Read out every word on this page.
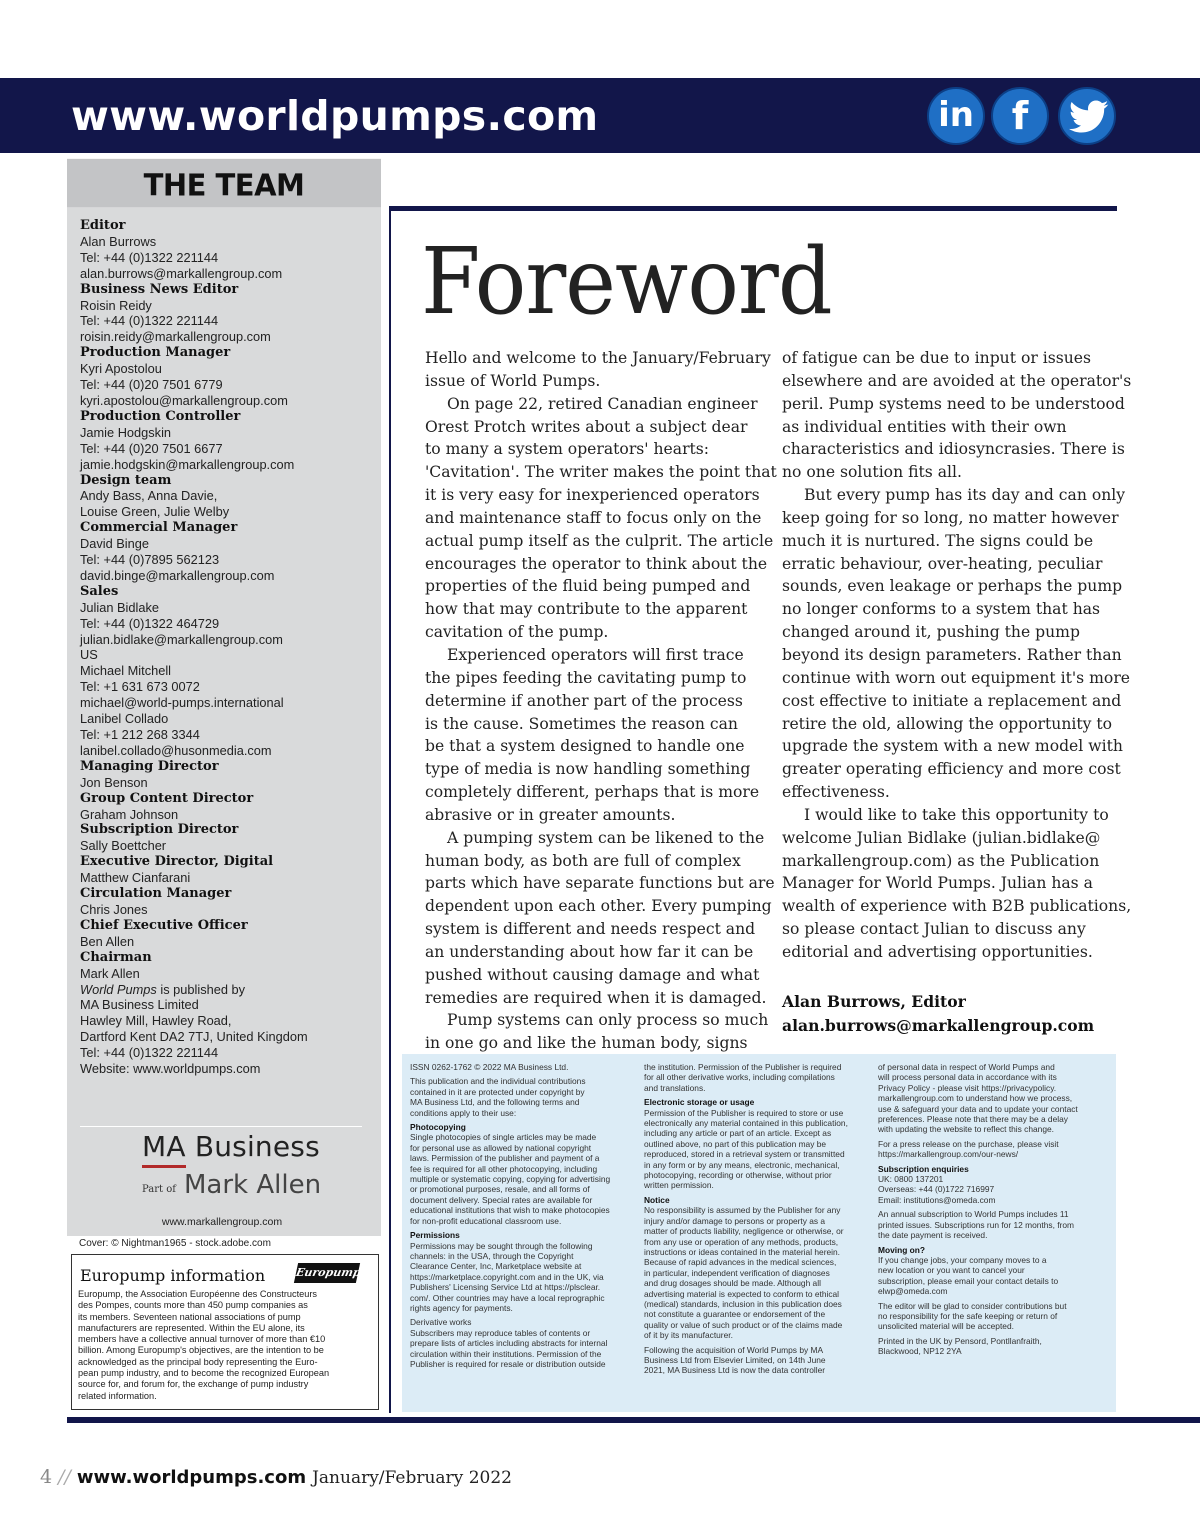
www.worldpumps.com	in f
THE TEAM
Editor
Alan Burrows
Tel: +44 (0)1322 221144
alan.burrows@markallengroup.com
Business News Editor
Roisin Reidy
Tel: +44 (0)1322 221144
roisin.reidy@markallengroup.com
Production Manager
Kyri Apostolou
Tel: +44 (0)20 7501 6779
kyri.apostolou@markallengroup.com
Production Controller
Jamie Hodgskin
Tel: +44 (0)20 7501 6677
jamie.hodgskin@markallengroup.com
Design team
Andy Bass, Anna Davie,
Louise Green, Julie Welby
Commercial Manager
David Binge
Tel: +44 (0)7895 562123
david.binge@markallengroup.com
Sales
Julian Bidlake
Tel: +44 (0)1322 464729
julian.bidlake@markallengroup.com
US
Michael Mitchell
Tel: +1 631 673 0072
michael@world-pumps.international
Lanibel Collado
Tel: +1 212 268 3344
lanibel.collado@husonmedia.com
Managing Director
Jon Benson
Group Content Director
Graham Johnson
Subscription Director
Sally Boettcher
Executive Director, Digital
Matthew Cianfarani
Circulation Manager
Chris Jones
Chief Executive Officer
Ben Allen
Chairman
Mark Allen
World Pumps is published by
MA Business Limited
Hawley Mill, Hawley Road,
Dartford Kent DA2 7TJ, United Kingdom
Tel: +44 (0)1322 221144
Website: www.worldpumps.com
MA Business
Part of Mark Allen
www.markallengroup.com
Cover: © Nightman1965 - stock.adobe.com
Europump information	Europump
Europump, the Association Européenne des Constructeurs
des Pompes, counts more than 450 pump companies as
its members. Seventeen national associations of pump
manufacturers are represented. Within the EU alone, its
members have a collective annual turnover of more than €10
billion. Among Europump's objectives, are the intention to be
acknowledged as the principal body representing the Euro-
pean pump industry, and to become the recognized European
source for, and forum for, the exchange of pump industry
related information.
Foreword
Hello and welcome to the January/February
issue of World Pumps.
On page 22, retired Canadian engineer
Orest Protch writes about a subject dear
to many a system operators' hearts:
'Cavitation'. The writer makes the point that
it is very easy for inexperienced operators
and maintenance staff to focus only on the
actual pump itself as the culprit. The article
encourages the operator to think about the
properties of the fluid being pumped and
how that may contribute to the apparent
cavitation of the pump.
Experienced operators will first trace
the pipes feeding the cavitating pump to
determine if another part of the process
is the cause. Sometimes the reason can
be that a system designed to handle one
type of media is now handling something
completely different, perhaps that is more
abrasive or in greater amounts.
A pumping system can be likened to the
human body, as both are full of complex
parts which have separate functions but are
dependent upon each other. Every pumping
system is different and needs respect and
an understanding about how far it can be
pushed without causing damage and what
remedies are required when it is damaged.
Pump systems can only process so much
in one go and like the human body, signs
of fatigue can be due to input or issues
elsewhere and are avoided at the operator's
peril. Pump systems need to be understood
as individual entities with their own
characteristics and idiosyncrasies. There is
no one solution fits all.
But every pump has its day and can only
keep going for so long, no matter however
much it is nurtured. The signs could be
erratic behaviour, over-heating, peculiar
sounds, even leakage or perhaps the pump
no longer conforms to a system that has
changed around it, pushing the pump
beyond its design parameters. Rather than
continue with worn out equipment it's more
cost effective to initiate a replacement and
retire the old, allowing the opportunity to
upgrade the system with a new model with
greater operating efficiency and more cost
effectiveness.
I would like to take this opportunity to
welcome Julian Bidlake (julian.bidlake@
markallengroup.com) as the Publication
Manager for World Pumps. Julian has a
wealth of experience with B2B publications,
so please contact Julian to discuss any
editorial and advertising opportunities.
Alan Burrows, Editor
alan.burrows@markallengroup.com
ISSN 0262-1762 © 2022 MA Business Ltd.
This publication and the individual contributions
contained in it are protected under copyright by
MA Business Ltd, and the following terms and
conditions apply to their use:
Photocopying
Single photocopies of single articles may be made
for personal use as allowed by national copyright
laws. Permission of the publisher and payment of a
fee is required for all other photocopying, including
multiple or systematic copying, copying for advertising
or promotional purposes, resale, and all forms of
document delivery. Special rates are available for
educational institutions that wish to make photocopies
for non-profit educational classroom use.
Permissions
Permissions may be sought through the following
channels: in the USA, through the Copyright
Clearance Center, Inc, Marketplace website at
https://marketplace.copyright.com and in the UK, via
Publishers' Licensing Service Ltd at https://plsclear.
com/. Other countries may have a local reprographic
rights agency for payments.
Derivative works
Subscribers may reproduce tables of contents or
prepare lists of articles including abstracts for internal
circulation within their institutions. Permission of the
Publisher is required for resale or distribution outside
the institution. Permission of the Publisher is required
for all other derivative works, including compilations
and translations.
Electronic storage or usage
Permission of the Publisher is required to store or use
electronically any material contained in this publication,
including any article or part of an article. Except as
outlined above, no part of this publication may be
reproduced, stored in a retrieval system or transmitted
in any form or by any means, electronic, mechanical,
photocopying, recording or otherwise, without prior
written permission.
Notice
No responsibility is assumed by the Publisher for any
injury and/or damage to persons or property as a
matter of products liability, negligence or otherwise, or
from any use or operation of any methods, products,
instructions or ideas contained in the material herein.
Because of rapid advances in the medical sciences,
in particular, independent verification of diagnoses
and drug dosages should be made. Although all
advertising material is expected to conform to ethical
(medical) standards, inclusion in this publication does
not constitute a guarantee or endorsement of the
quality or value of such product or of the claims made
of it by its manufacturer.
Following the acquisition of World Pumps by MA
Business Ltd from Elsevier Limited, on 14th June
2021, MA Business Ltd is now the data controller
of personal data in respect of World Pumps and
will process personal data in accordance with its
Privacy Policy - please visit https://privacypolicy.
markallengroup.com to understand how we process,
use & safeguard your data and to update your contact
preferences. Please note that there may be a delay
with updating the website to reflect this change.
For a press release on the purchase, please visit
https://markallengroup.com/our-news/
Subscription enquiries
UK: 0800 137201
Overseas: +44 (0)1722 716997
Email: institutions@omeda.com
An annual subscription to World Pumps includes 11
printed issues. Subscriptions run for 12 months, from
the date payment is received.
Moving on?
If you change jobs, your company moves to a
new location or you want to cancel your
subscription, please email your contact details to
elwp@omeda.com
The editor will be glad to consider contributions but
no responsibility for the safe keeping or return of
unsolicited material will be accepted.
Printed in the UK by Pensord, Pontllanfraith,
Blackwood, NP12 2YA
4 // www.worldpumps.com January/February 2022
